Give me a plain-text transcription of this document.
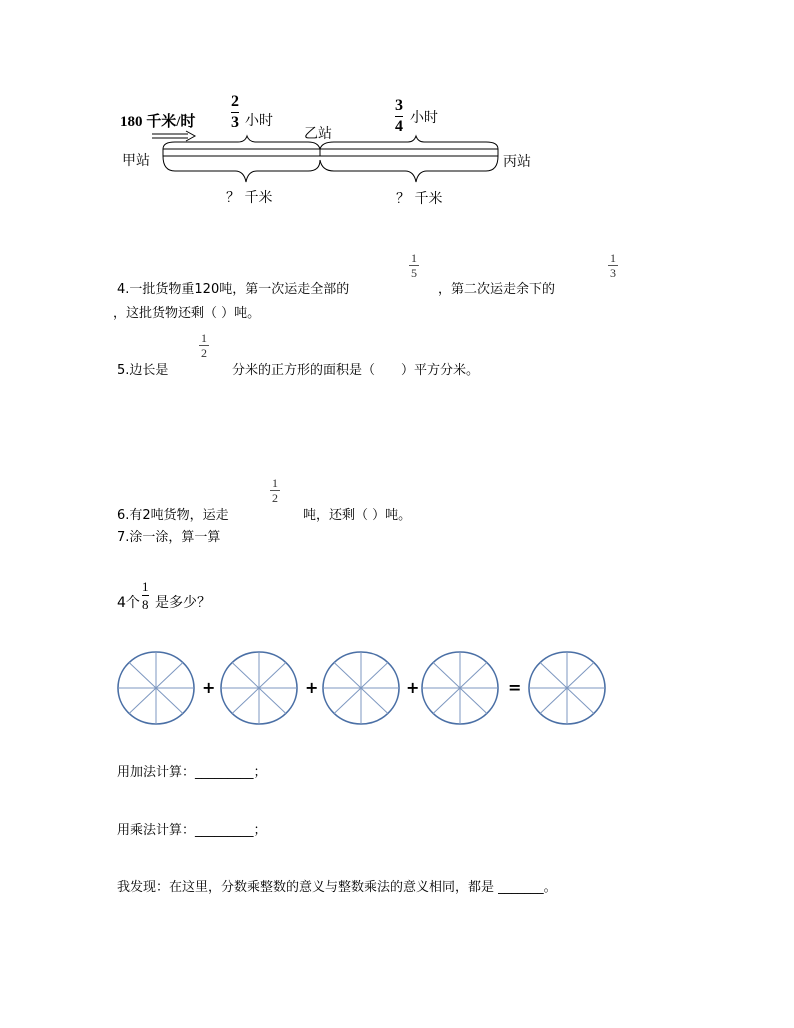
180 千米/时
2
3 小时
3
4 小时
乙站
甲站	丙站
？ 千米	？ 千米
4.一批货物重120吨，第一次运走全部的
1
5
，第二次运走余下的
1
3
，这批货物还剩（ ）吨。
5.边长是
1
2
分米的正方形的面积是（　　）平方分米。
6.有2吨货物，运走
1
2
吨，还剩（ ）吨。
7.涂一涂，算一算
4个
1
8 是多少？
+	+	+	=
用加法计算：_________；
用乘法计算：_________；
我发现：在这里，分数乘整数的意义与整数乘法的意义相同，都是 _______。
